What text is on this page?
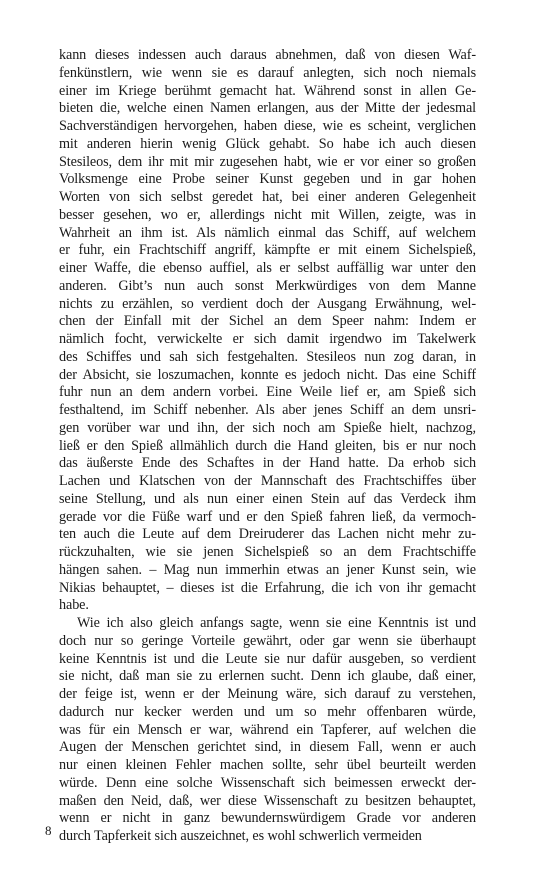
kann dieses indessen auch daraus abnehmen, daß von diesen Waf-
fenkünstlern, wie wenn sie es darauf anlegten, sich noch niemals
einer im Kriege berühmt gemacht hat. Während sonst in allen Ge-
bieten die, welche einen Namen erlangen, aus der Mitte der jedesmal
Sachverständigen hervorgehen, haben diese, wie es scheint, verglichen
mit anderen hierin wenig Glück gehabt. So habe ich auch diesen
Stesileos, dem ihr mit mir zugesehen habt, wie er vor einer so großen
Volksmenge eine Probe seiner Kunst gegeben und in gar hohen
Worten von sich selbst geredet hat, bei einer anderen Gelegenheit
besser gesehen, wo er, allerdings nicht mit Willen, zeigte, was in
Wahrheit an ihm ist. Als nämlich einmal das Schiff, auf welchem
er fuhr, ein Frachtschiff angriff, kämpfte er mit einem Sichelspieß,
einer Waffe, die ebenso auffiel, als er selbst auffällig war unter den
anderen. Gibt’s nun auch sonst Merkwürdiges von dem Manne
nichts zu erzählen, so verdient doch der Ausgang Erwähnung, wel-
chen der Einfall mit der Sichel an dem Speer nahm: Indem er
nämlich focht, verwickelte er sich damit irgendwo im Takelwerk
des Schiffes und sah sich festgehalten. Stesileos nun zog daran, in
der Absicht, sie loszumachen, konnte es jedoch nicht. Das eine Schiff
fuhr nun an dem andern vorbei. Eine Weile lief er, am Spieß sich
festhaltend, im Schiff nebenher. Als aber jenes Schiff an dem unsri-
gen vorüber war und ihn, der sich noch am Spieße hielt, nachzog,
ließ er den Spieß allmählich durch die Hand gleiten, bis er nur noch
das äußerste Ende des Schaftes in der Hand hatte. Da erhob sich
Lachen und Klatschen von der Mannschaft des Frachtschiffes über
seine Stellung, und als nun einer einen Stein auf das Verdeck ihm
gerade vor die Füße warf und er den Spieß fahren ließ, da vermoch-
ten auch die Leute auf dem Dreiruderer das Lachen nicht mehr zu-
rückzuhalten, wie sie jenen Sichelspieß so an dem Frachtschiffe
hängen sahen. – Mag nun immerhin etwas an jener Kunst sein, wie
Nikias behauptet, – dieses ist die Erfahrung, die ich von ihr gemacht
habe.
Wie ich also gleich anfangs sagte, wenn sie eine Kenntnis ist und
doch nur so geringe Vorteile gewährt, oder gar wenn sie überhaupt
keine Kenntnis ist und die Leute sie nur dafür ausgeben, so verdient
sie nicht, daß man sie zu erlernen sucht. Denn ich glaube, daß einer,
der feige ist, wenn er der Meinung wäre, sich darauf zu verstehen,
dadurch nur kecker werden und um so mehr offenbaren würde,
was für ein Mensch er war, während ein Tapferer, auf welchen die
Augen der Menschen gerichtet sind, in diesem Fall, wenn er auch
nur einen kleinen Fehler machen sollte, sehr übel beurteilt werden
würde. Denn eine solche Wissenschaft sich beimessen erweckt der-
maßen den Neid, daß, wer diese Wissenschaft zu besitzen behauptet,
wenn er nicht in ganz bewundernswürdigem Grade vor anderen
durch Tapferkeit sich auszeichnet, es wohl schwerlich vermeiden
8
